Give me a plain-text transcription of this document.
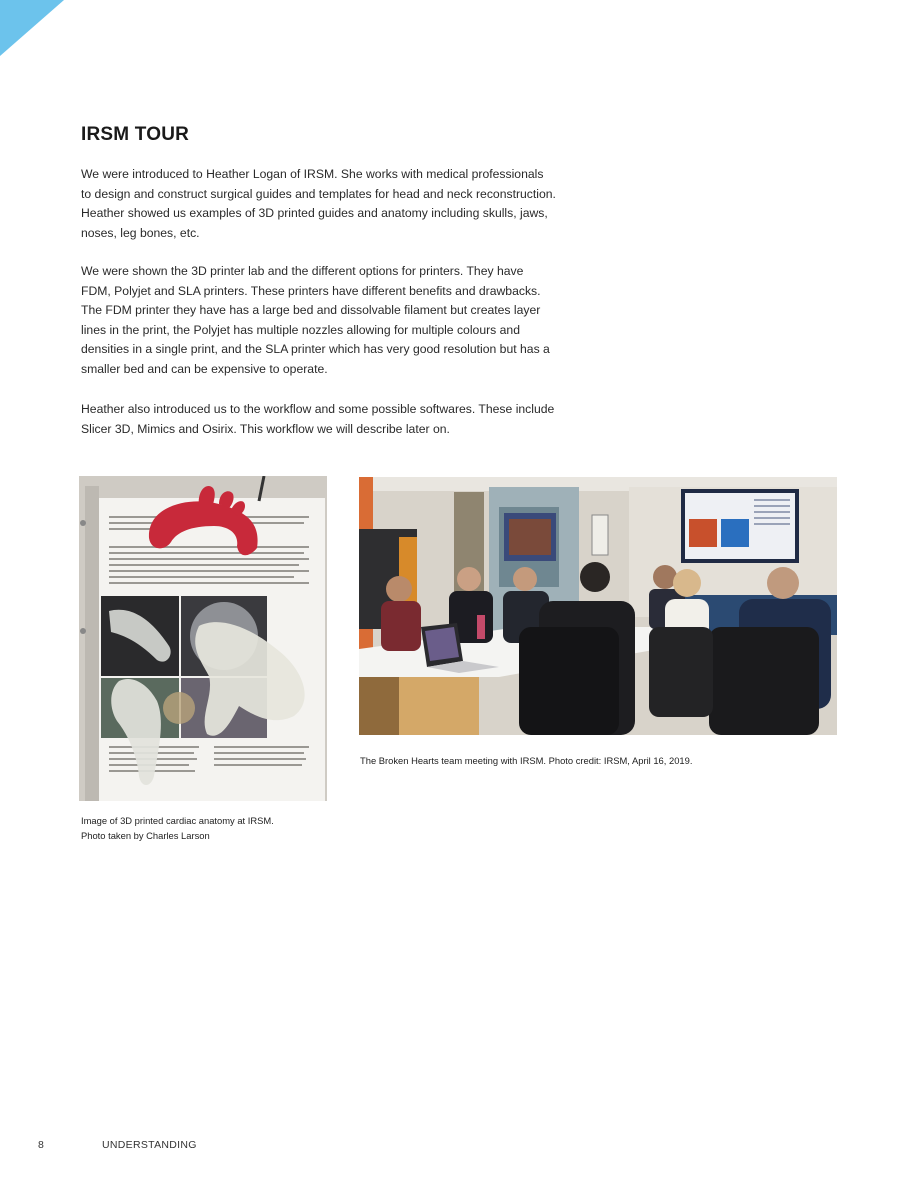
IRSM TOUR

We were introduced to Heather Logan of IRSM. She works with medical professionals to design and construct surgical guides and templates for head and neck reconstruction. Heather showed us examples of 3D printed guides and anatomy including skulls, jaws, noses, leg bones, etc.

We were shown the 3D printer lab and the different options for printers. They have FDM, Polyjet and SLA printers. These printers have different benefits and drawbacks. The FDM printer they have has a large bed and dissolvable filament but creates layer lines in the print, the Polyjet has multiple nozzles allowing for multiple colours and densities in a single print, and the SLA printer which has very good resolution but has a smaller bed and can be expensive to operate.

Heather also introduced us to the workflow and some possible softwares. These include Slicer 3D, Mimics and Osirix. This workflow we will describe later on.

Image of 3D printed cardiac anatomy at IRSM. Photo taken by Charles Larson

The Broken Hearts team meeting with IRSM. Photo credit: IRSM, April 16, 2019.

8	UNDERSTANDING
